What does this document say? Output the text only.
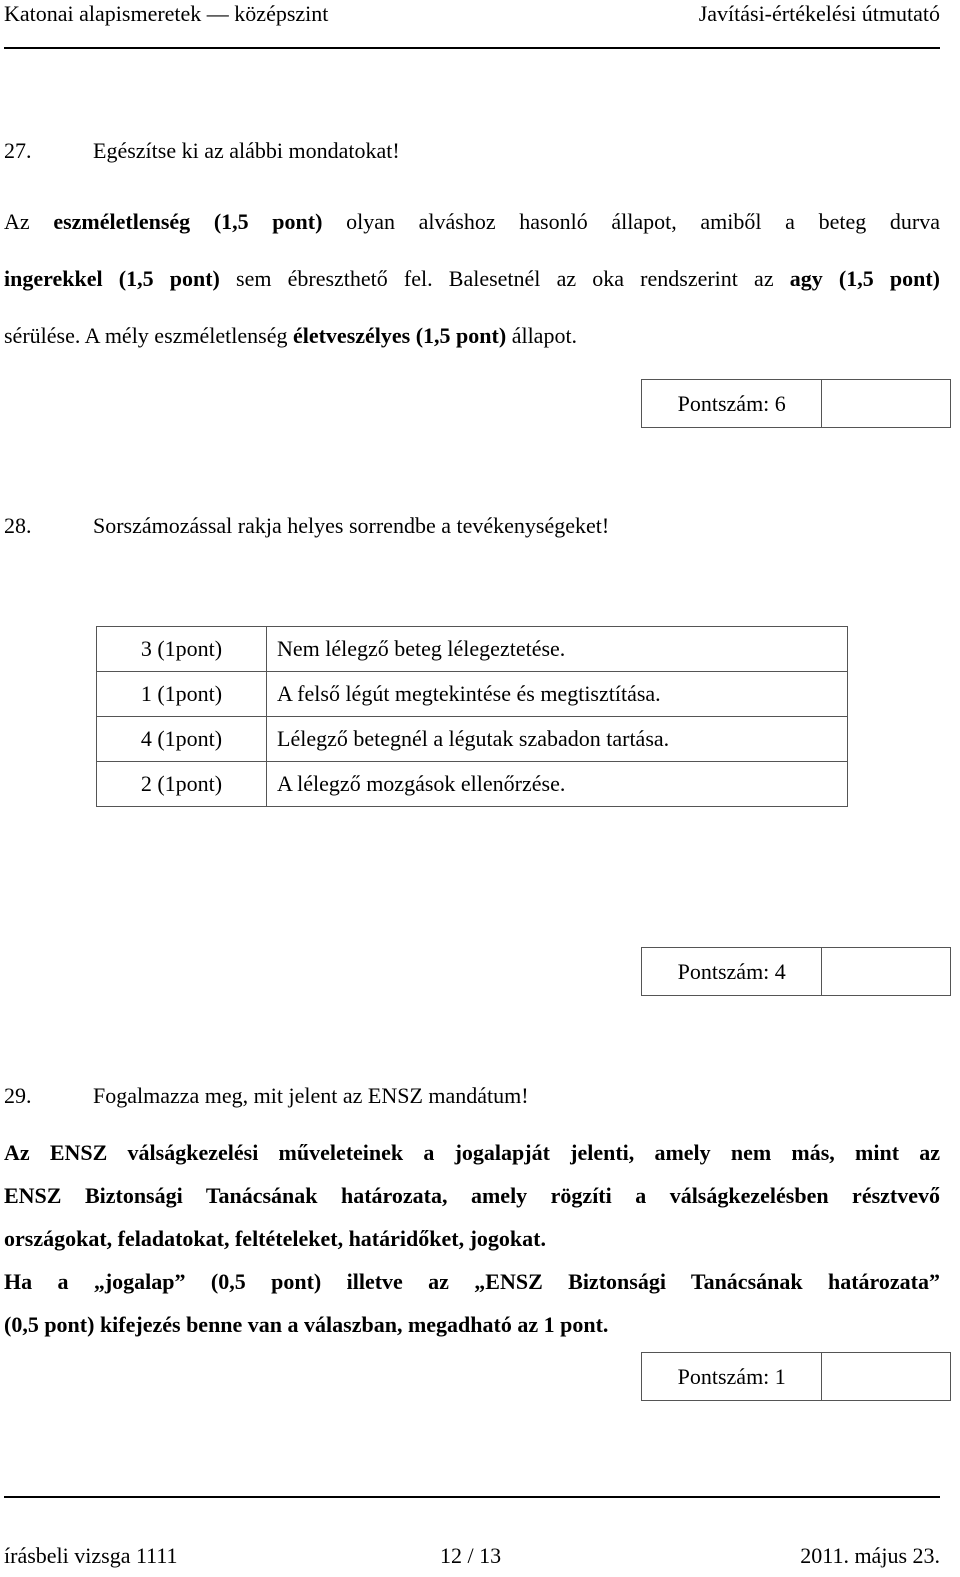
Katonai alapismeretek — középszint	Javítási-értékelési útmutató
27.	Egészítse ki az alábbi mondatokat!
Az eszméletlenség (1,5 pont) olyan alváshoz hasonló állapot, amiből a beteg durva
ingerekkel (1,5 pont) sem ébreszthető fel. Balesetnél az oka rendszerint az agy (1,5 pont)
sérülése. A mély eszméletlenség életveszélyes (1,5 pont) állapot.
Pontszám: 6
28.	Sorszámozással rakja helyes sorrendbe a tevékenységeket!
3 (1pont)	Nem lélegző beteg lélegeztetése.
1 (1pont)	A felső légút megtekintése és megtisztítása.
4 (1pont)	Lélegző betegnél a légutak szabadon tartása.
2 (1pont)	A lélegző mozgások ellenőrzése.
Pontszám: 4
29.	Fogalmazza meg, mit jelent az ENSZ mandátum!
Az ENSZ válságkezelési műveleteinek a jogalapját jelenti, amely nem más, mint az
ENSZ Biztonsági Tanácsának határozata, amely rögzíti a válságkezelésben résztvevő
országokat, feladatokat, feltételeket, határidőket, jogokat.
Ha a „jogalap” (0,5 pont) illetve az „ENSZ Biztonsági Tanácsának határozata”
(0,5 pont) kifejezés benne van a válaszban, megadható az 1 pont.
Pontszám: 1
írásbeli vizsga 1111	12 / 13	2011. május 23.
